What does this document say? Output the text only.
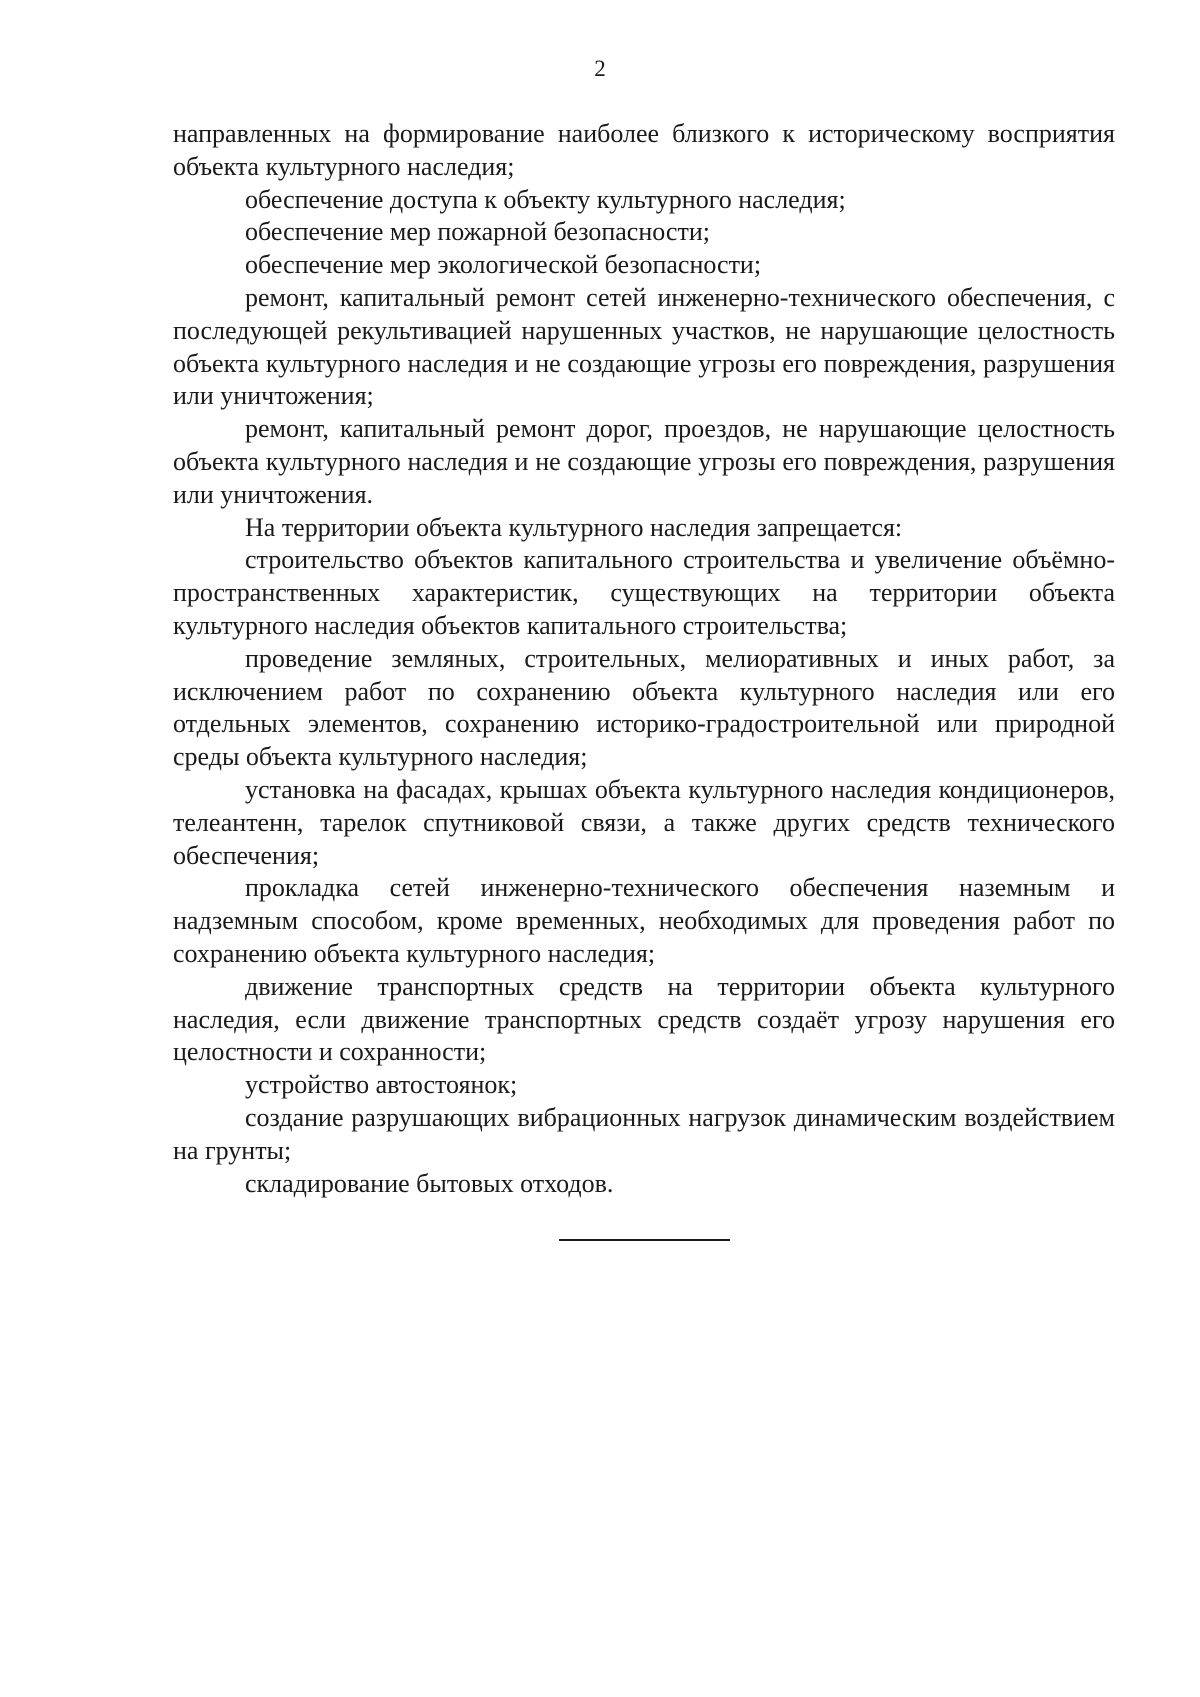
2

направленных на формирование наиболее близкого к историческому восприятия объекта культурного наследия;

обеспечение доступа к объекту культурного наследия;

обеспечение мер пожарной безопасности;

обеспечение мер экологической безопасности;

ремонт, капитальный ремонт сетей инженерно-технического обеспечения, с последующей рекультивацией нарушенных участков, не нарушающие целостность объекта культурного наследия и не создающие угрозы его повреждения, разрушения или уничтожения;

ремонт, капитальный ремонт дорог, проездов, не нарушающие целостность объекта культурного наследия и не создающие угрозы его повреждения, разрушения или уничтожения.

На территории объекта культурного наследия запрещается:

строительство объектов капитального строительства и увеличение объёмно-пространственных характеристик, существующих на территории объекта культурного наследия объектов капитального строительства;

проведение земляных, строительных, мелиоративных и иных работ, за исключением работ по сохранению объекта культурного наследия или его отдельных элементов, сохранению историко-градостроительной или природной среды объекта культурного наследия;

установка на фасадах, крышах объекта культурного наследия кондиционеров, телеантенн, тарелок спутниковой связи, а также других средств технического обеспечения;

прокладка сетей инженерно-технического обеспечения наземным и надземным способом, кроме временных, необходимых для проведения работ по сохранению объекта культурного наследия;

движение транспортных средств на территории объекта культурного наследия, если движение транспортных средств создаёт угрозу нарушения его целостности и сохранности;

устройство автостоянок;

создание разрушающих вибрационных нагрузок динамическим воздействием на грунты;

складирование бытовых отходов.
